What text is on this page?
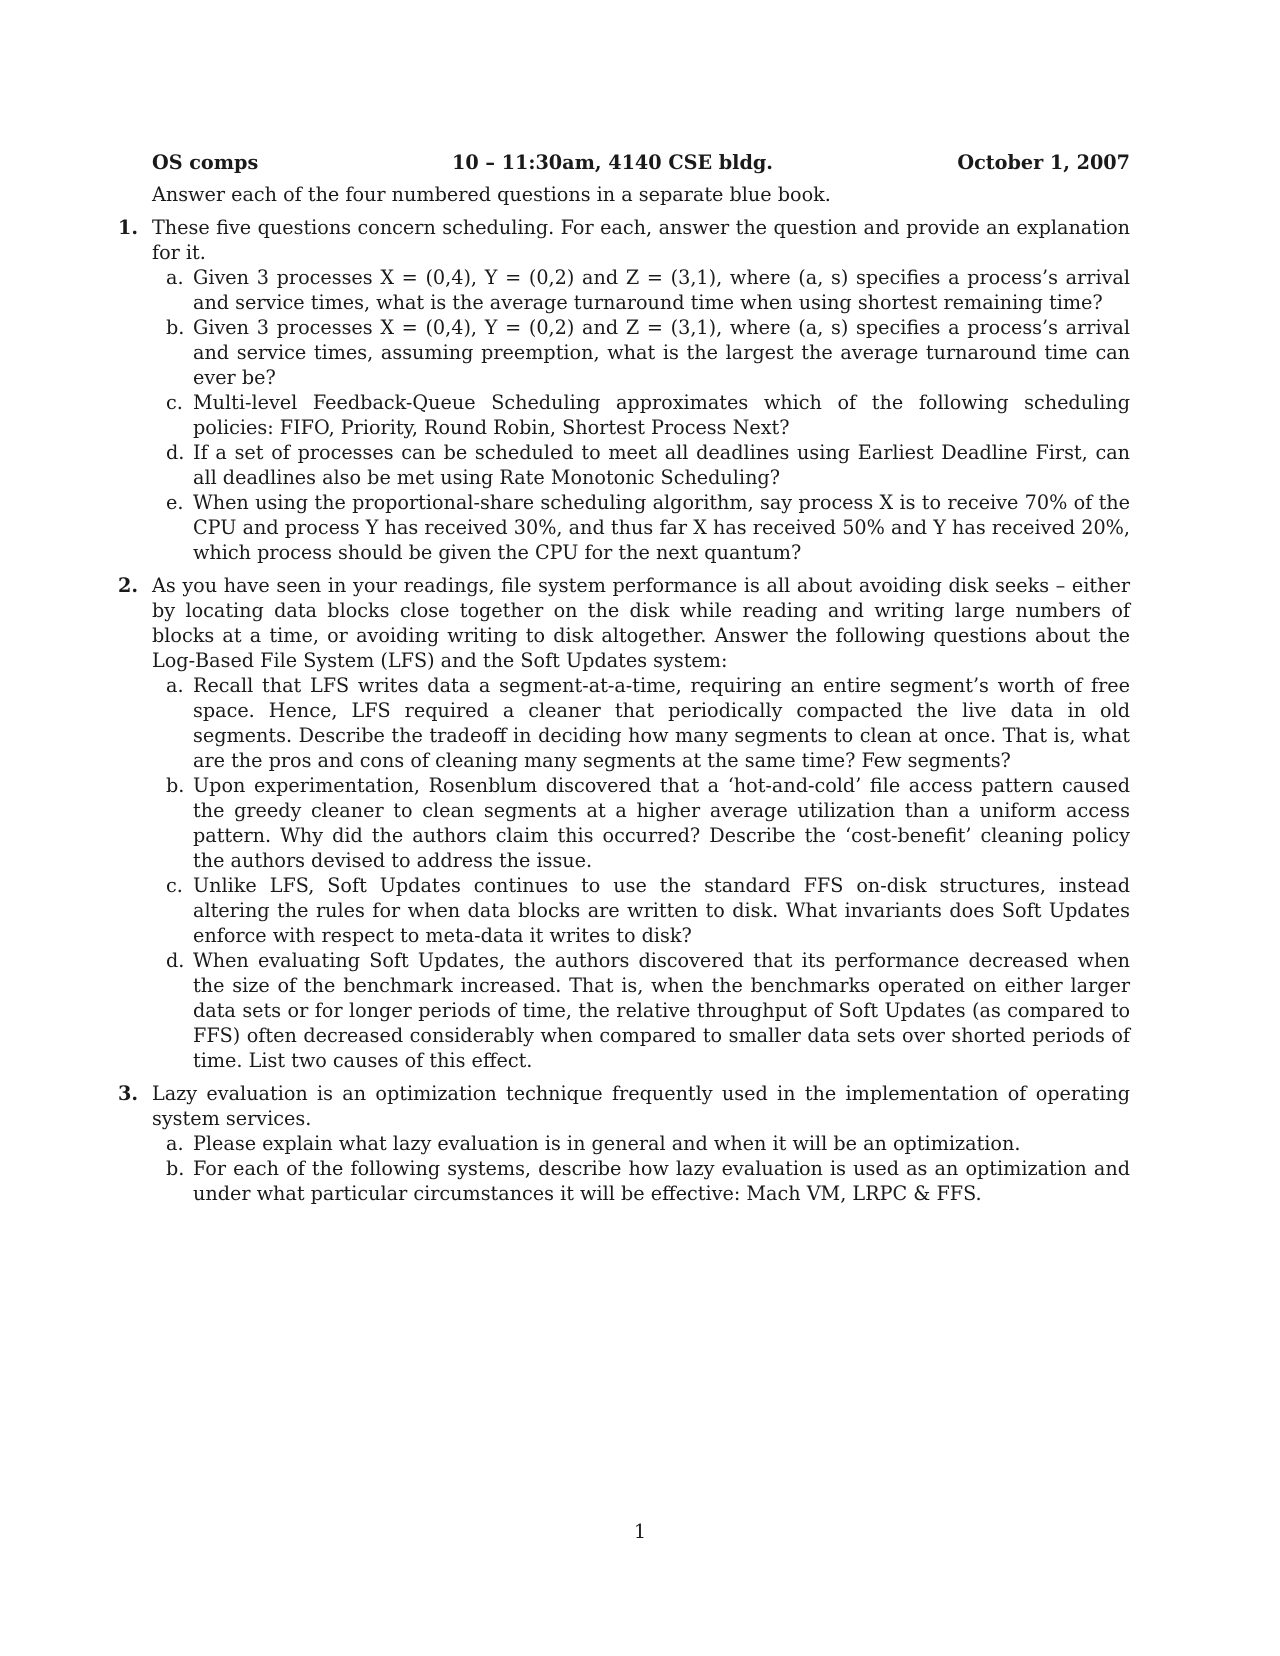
OS comps	10 – 11:30am, 4140 CSE bldg.	October 1, 2007
Answer each of the four numbered questions in a separate blue book.
1. These five questions concern scheduling. For each, answer the question and provide an explanation for it.
a. Given 3 processes X = (0,4), Y = (0,2) and Z = (3,1), where (a, s) specifies a process’s arrival and service times, what is the average turnaround time when using shortest remaining time?
b. Given 3 processes X = (0,4), Y = (0,2) and Z = (3,1), where (a, s) specifies a process’s arrival and service times, assuming preemption, what is the largest the average turnaround time can ever be?
c. Multi-level Feedback-Queue Scheduling approximates which of the following scheduling policies: FIFO, Priority, Round Robin, Shortest Process Next?
d. If a set of processes can be scheduled to meet all deadlines using Earliest Deadline First, can all deadlines also be met using Rate Monotonic Scheduling?
e. When using the proportional-share scheduling algorithm, say process X is to receive 70% of the CPU and process Y has received 30%, and thus far X has received 50% and Y has received 20%, which process should be given the CPU for the next quantum?
2. As you have seen in your readings, file system performance is all about avoiding disk seeks – either by locating data blocks close together on the disk while reading and writing large numbers of blocks at a time, or avoiding writing to disk altogether. Answer the following questions about the Log-Based File System (LFS) and the Soft Updates system:
a. Recall that LFS writes data a segment-at-a-time, requiring an entire segment’s worth of free space. Hence, LFS required a cleaner that periodically compacted the live data in old segments. Describe the tradeoff in deciding how many segments to clean at once. That is, what are the pros and cons of cleaning many segments at the same time? Few segments?
b. Upon experimentation, Rosenblum discovered that a ‘hot-and-cold’ file access pattern caused the greedy cleaner to clean segments at a higher average utilization than a uniform access pattern. Why did the authors claim this occurred? Describe the ‘cost-benefit’ cleaning policy the authors devised to address the issue.
c. Unlike LFS, Soft Updates continues to use the standard FFS on-disk structures, instead altering the rules for when data blocks are written to disk. What invariants does Soft Updates enforce with respect to meta-data it writes to disk?
d. When evaluating Soft Updates, the authors discovered that its performance decreased when the size of the benchmark increased. That is, when the benchmarks operated on either larger data sets or for longer periods of time, the relative throughput of Soft Updates (as compared to FFS) often decreased considerably when compared to smaller data sets over shorted periods of time. List two causes of this effect.
3. Lazy evaluation is an optimization technique frequently used in the implementation of operating system services.
a. Please explain what lazy evaluation is in general and when it will be an optimization.
b. For each of the following systems, describe how lazy evaluation is used as an optimization and under what particular circumstances it will be effective: Mach VM, LRPC & FFS.
1
